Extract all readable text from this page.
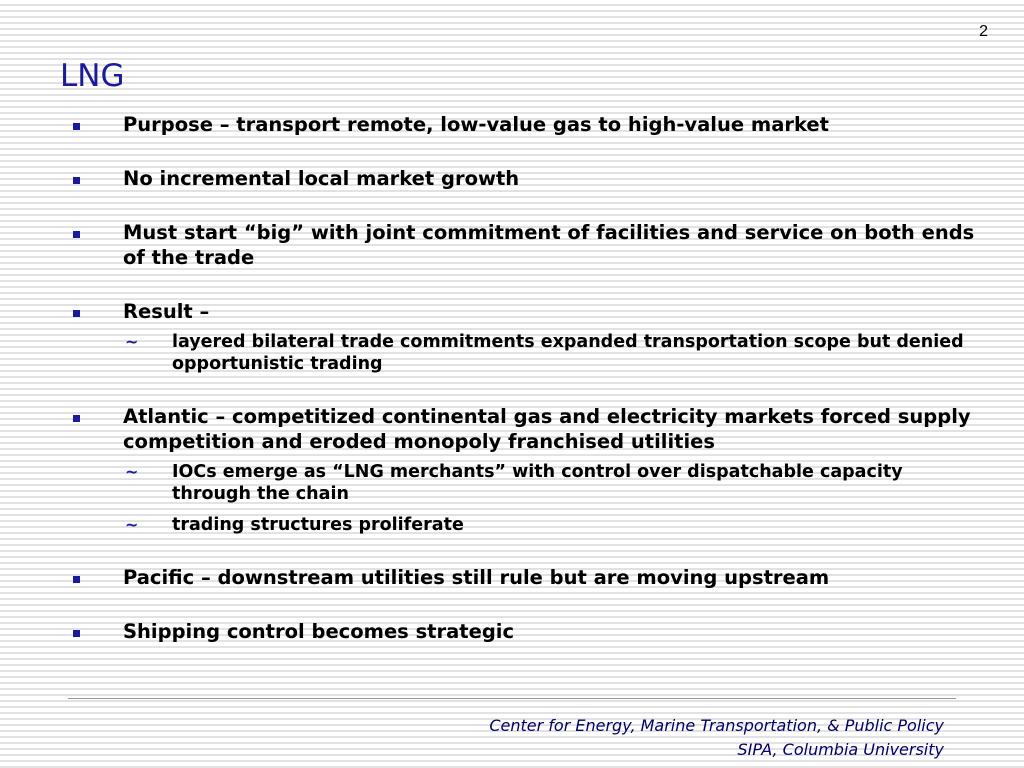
2
LNG
Purpose – transport remote, low-value gas to high-value market
No incremental local market growth
Must start “big” with joint commitment of facilities and service on both ends of the trade
Result –
~ layered bilateral trade commitments expanded transportation scope but denied opportunistic trading
Atlantic – competitized continental gas and electricity markets forced supply competition and eroded monopoly franchised utilities
~ IOCs emerge as “LNG merchants” with control over dispatchable capacity through the chain
~ trading structures proliferate
Pacific – downstream utilities still rule but are moving upstream
Shipping control becomes strategic
Center for Energy, Marine Transportation, & Public Policy
SIPA, Columbia University
